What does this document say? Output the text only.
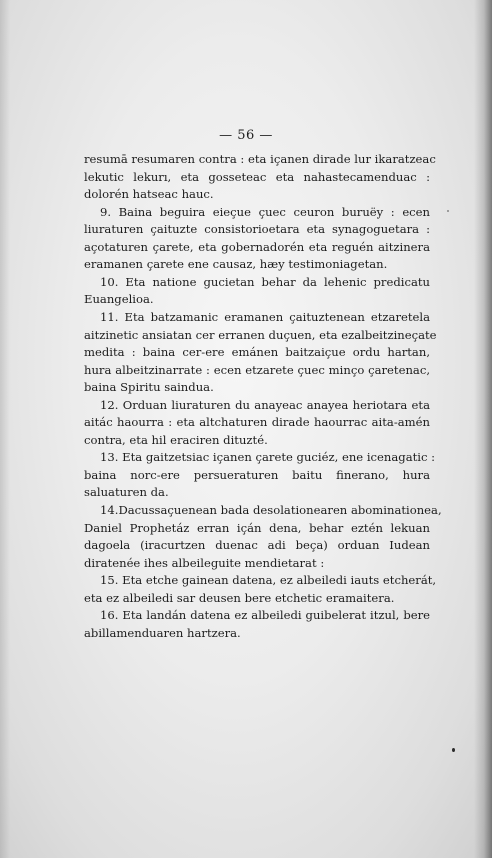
— 56 —
resumā resumaren contra : eta içanen dirade lur ikaratzeac
lekutic lekurı, eta gosseteac eta nahastecamenduac :
dolorén hatseac hauc.
9. Baina beguira eieçue çuec ceuron buruëy : ecen
liuraturen çaituzte consistorioetara eta synagoguetara :
açotaturen çarete, eta gobernadorén eta reguén aitzinera
eramanen çarete ene causaz, hæy testimoniagetan.
10. Eta natione gucietan behar da lehenic predicatu
Euangelioa.
11. Eta batzamanic eramanen çaituztenean etzaretela
aitzinetic ansiatan cer erranen duçuen, eta ezalbeitzineçate
medita : baina cer-ere emánen baitzaiçue ordu hartan,
hura albeitzinarrate : ecen etzarete çuec minço çaretenac,
baina Spiritu saindua.
12. Orduan liuraturen du anayeac anayea heriotara eta
aitác haourra : eta altchaturen dirade haourrac aita-amén
contra, eta hil eraciren dituzté.
13. Eta gaitzetsiac içanen çarete guciéz, ene icenagatic :
baina norc-ere persueraturen baitu finerano, hura
saluaturen da.
14.Dacussaçuenean bada desolationearen abominationea,
Daniel Prophetáz erran içán dena, behar eztén lekuan
dagoela (iracurtzen duenac adi beça) orduan Iudean
diratenée ihes albeileguite mendietarat :
15. Eta etche gainean datena, ez albeiledi iauts etcherát,
eta ez albeiledi sar deusen bere etchetic eramaitera.
16. Eta landán datena ez albeiledi guibelerat itzul, bere
abillamenduaren hartzera.
